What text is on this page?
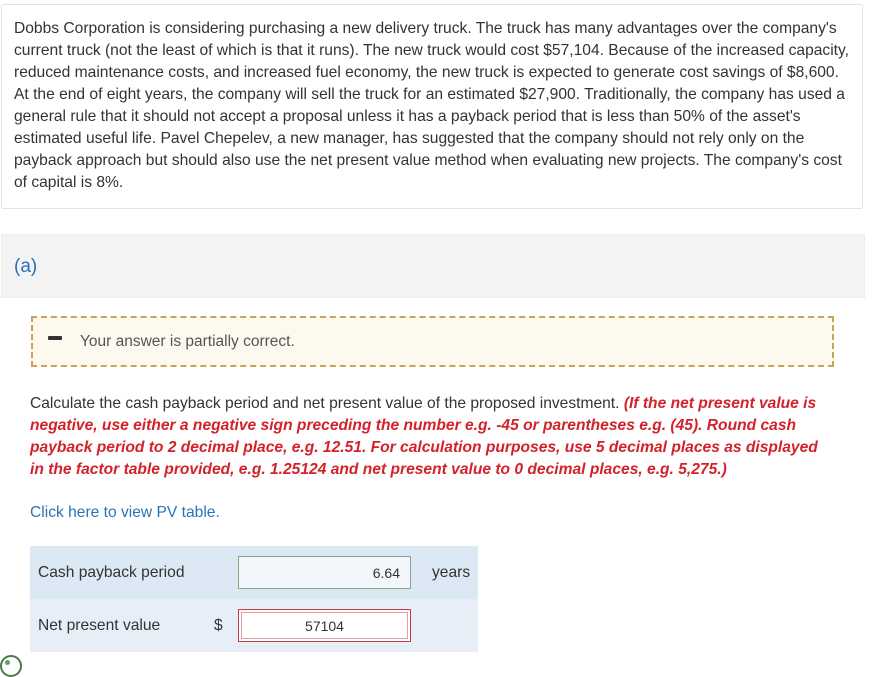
Dobbs Corporation is considering purchasing a new delivery truck. The truck has many advantages over the company's current truck (not the least of which is that it runs). The new truck would cost $57,104. Because of the increased capacity, reduced maintenance costs, and increased fuel economy, the new truck is expected to generate cost savings of $8,600. At the end of eight years, the company will sell the truck for an estimated $27,900. Traditionally, the company has used a general rule that it should not accept a proposal unless it has a payback period that is less than 50% of the asset's estimated useful life. Pavel Chepelev, a new manager, has suggested that the company should not rely only on the payback approach but should also use the net present value method when evaluating new projects. The company's cost of capital is 8%.

(a)
Your answer is partially correct.

Calculate the cash payback period and net present value of the proposed investment. (If the net present value is negative, use either a negative sign preceding the number e.g. -45 or parentheses e.g. (45). Round cash payback period to 2 decimal place, e.g. 12.51. For calculation purposes, use 5 decimal places as displayed in the factor table provided, e.g. 1.25124 and net present value to 0 decimal places, e.g. 5,275.)

Click here to view PV table.
Cash payback period
6.64	years
Net present value	$
57104
